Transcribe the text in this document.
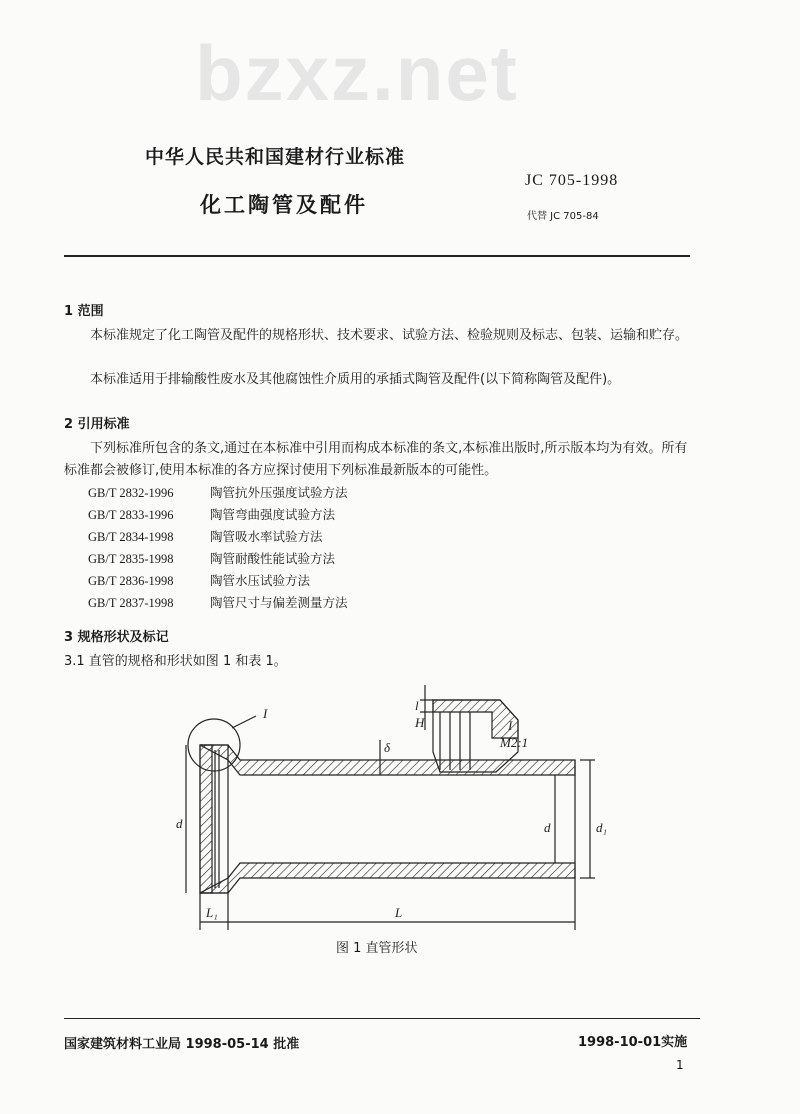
bzxz.net
中华人民共和国建材行业标准
化工陶管及配件
JC 705-1998
代替 JC 705-84
1 范围
本标准规定了化工陶管及配件的规格形状、技术要求、试验方法、检验规则及标志、包装、运输和贮存。
本标准适用于排输酸性废水及其他腐蚀性介质用的承插式陶管及配件(以下简称陶管及配件)。
2 引用标准
下列标准所包含的条文,通过在本标准中引用而构成本标准的条文,本标准出版时,所示版本均为有效。所有标准都会被修订,使用本标准的各方应探讨使用下列标准最新版本的可能性。
GB/T 2832-1996	陶管抗外压强度试验方法
GB/T 2833-1996	陶管弯曲强度试验方法
GB/T 2834-1998	陶管吸水率试验方法
GB/T 2835-1998	陶管耐酸性能试验方法
GB/T 2836-1998	陶管水压试验方法
GB/T 2837-1998	陶管尺寸与偏差测量方法
3 规格形状及标记
3.1 直管的规格和形状如图 1 和表 1。
I
M2:1
H
l
I
δ
d	d	d₁
L₁	L
图 1 直管形状
国家建筑材料工业局 1998-05-14 批准	1998-10-01实施
1
